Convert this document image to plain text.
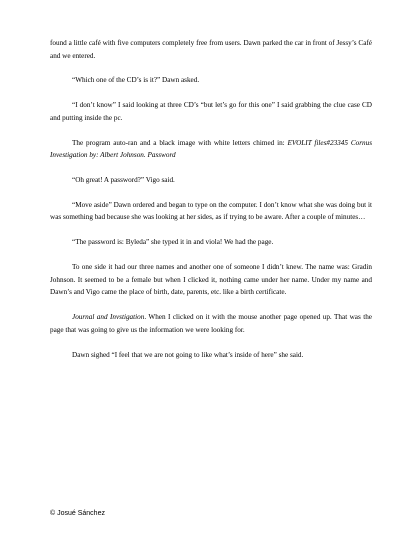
found a little café with five computers completely free from users. Dawn parked the car in front of Jessy’s Café and we entered.

“Which one of the CD’s is it?” Dawn asked.

“I don’t know” I said looking at three CD’s “but let’s go for this one” I said grabbing the clue case CD and putting inside the pc.

The program auto-ran and a black image with white letters chimed in: EVOLIT files#23345 Cornus Investigation by: Albert Johnson. Password

“Oh great! A password?” Vigo said.

“Move aside” Dawn ordered and began to type on the computer. I don’t know what she was doing but it was something bad because she was looking at her sides, as if trying to be aware. After a couple of minutes…

“The password is: Byleda” she typed it in and viola! We had the page.

To one side it had our three names and another one of someone I didn’t knew. The name was: Gradin Johnson. It seemed to be a female but when I clicked it, nothing came under her name. Under my name and Dawn’s and Vigo came the place of birth, date, parents, etc. like a birth certificate.

Journal and Invstigation. When I clicked on it with the mouse another page opened up. That was the page that was going to give us the information we were looking for.

Dawn sighed “I feel that we are not going to like what’s inside of here” she said.

© Josué Sánchez
